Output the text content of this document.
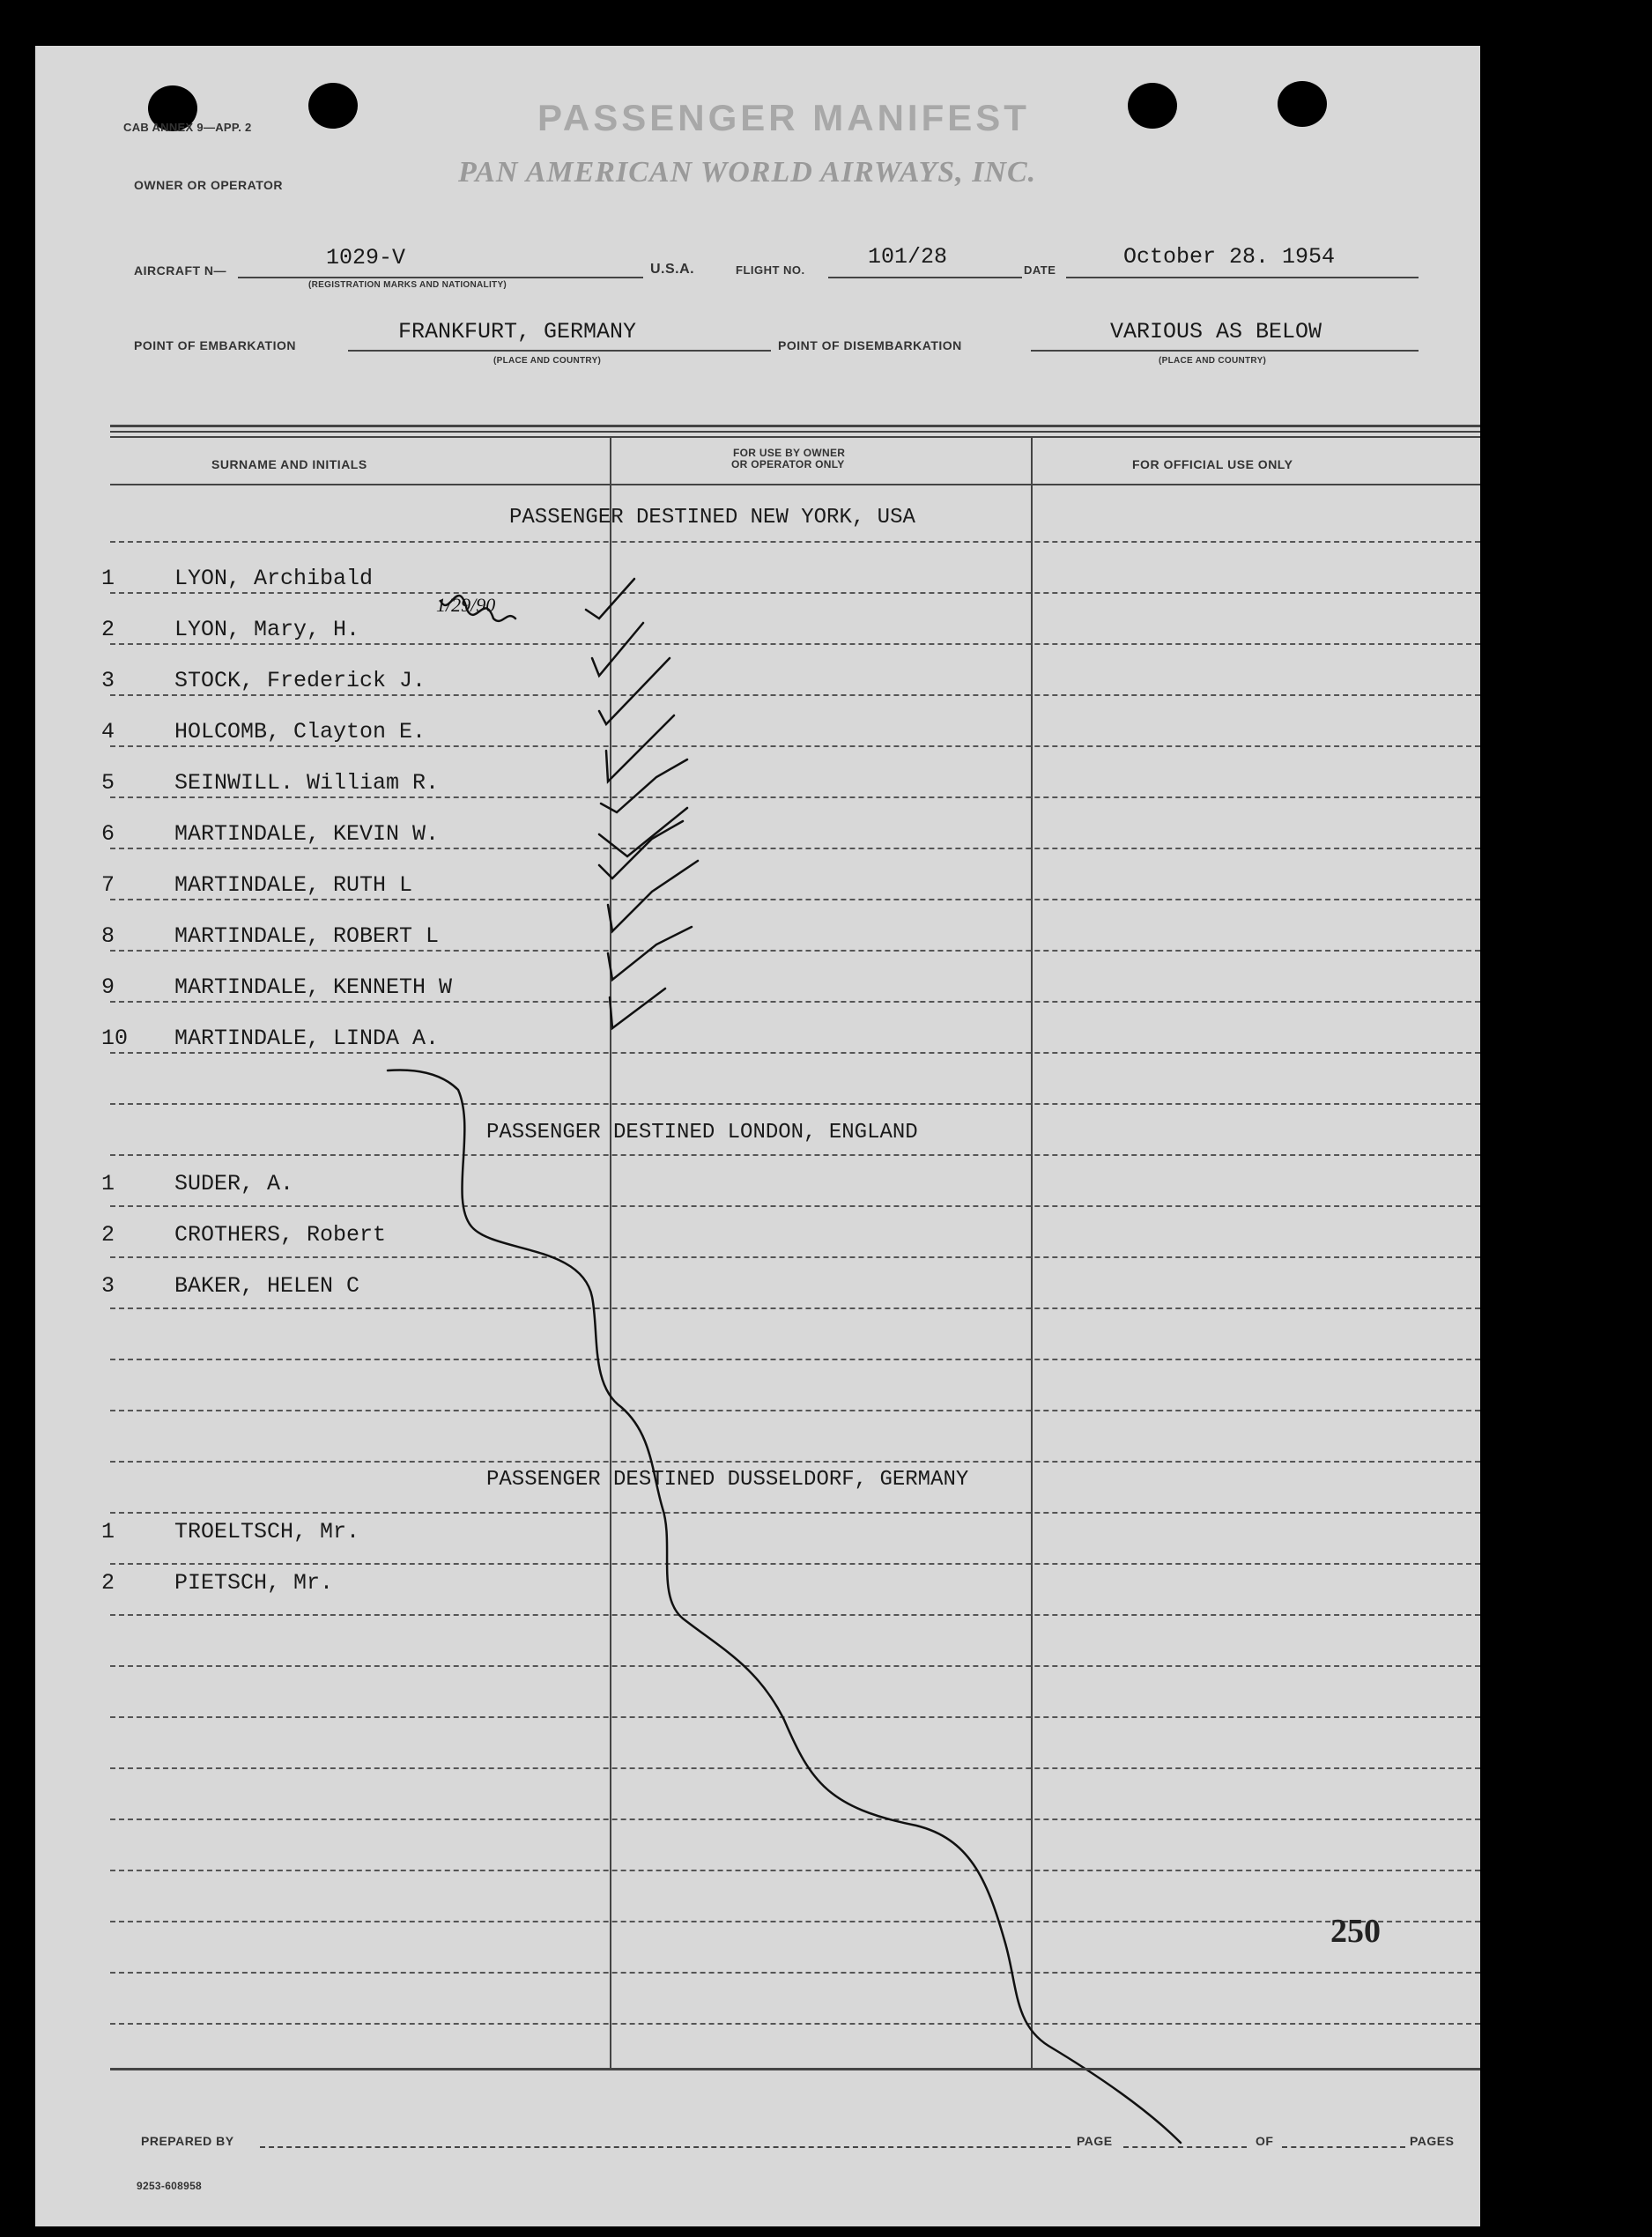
CAB ANNEX 9—APP. 2	PASSENGER MANIFEST
OWNER OR OPERATOR	PAN AMERICAN WORLD AIRWAYS, INC.
AIRCRAFT N—	1029-V
(REGISTRATION MARKS AND NATIONALITY)
U.S.A.	FLIGHT NO.
101/28
DATE
October 28. 1954
POINT OF EMBARKATION
FRANKFURT, GERMANY
(PLACE AND COUNTRY)
POINT OF DISEMBARKATION
VARIOUS AS BELOW
(PLACE AND COUNTRY)
SURNAME AND INITIALS
FOR USE BY OWNER
OR OPERATOR ONLY	FOR OFFICIAL USE ONLY
PASSENGER DESTINED NEW YORK, USA
PASSENGER DESTINED LONDON, ENGLAND
PASSENGER DESTINED DUSSELDORF, GERMANY
1	LYON, Archibald
2	LYON, Mary, H.
3	STOCK, Frederick J.
4	HOLCOMB, Clayton E.
5	SEINWILL. William R.
6	MARTINDALE, KEVIN W.
7	MARTINDALE, RUTH L
8	MARTINDALE, ROBERT L
9	MARTINDALE, KENNETH W
10 MARTINDALE, LINDA A.
1	SUDER, A.
2	CROTHERS, Robert
3	BAKER, HELEN C
1	TROELTSCH, Mr.
2	PIETSCH, Mr.
1/29/90
250
PREPARED BY	PAGE	OF	PAGES
9253-608958
